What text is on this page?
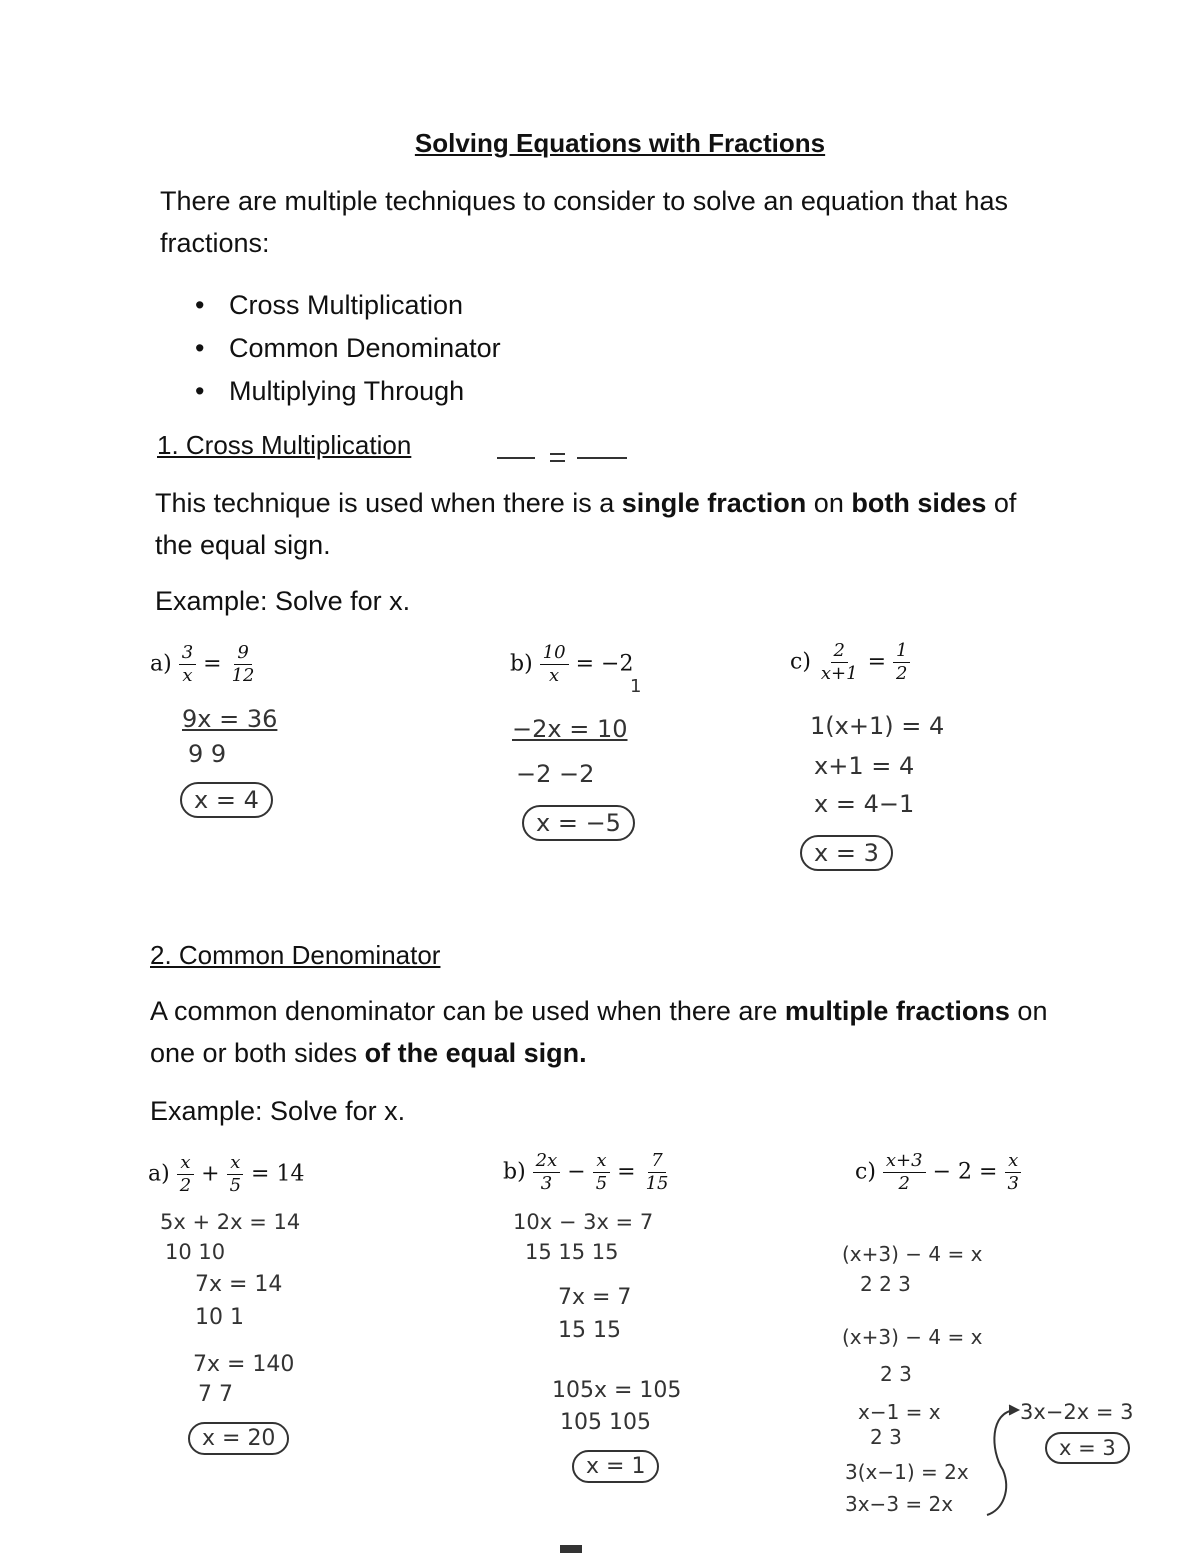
Solving Equations with Fractions
There are multiple techniques to consider to solve an equation that has fractions:
• Cross Multiplication
• Common Denominator
• Multiplying Through
1. Cross Multiplication
This technique is used when there is a single fraction on both sides of the equal sign.
Example: Solve for x.
$a) \frac{3}{x} = \frac{9}{12}$
9x = 36
9 9
x = 4
$b) \frac{10}{x} = -2$
1
−2x = 10
−2 −2
x = −5
$c) \frac{2}{x+1} = \frac{1}{2}$
1(x+1) = 4
x+1 = 4
x = 4−1
x = 3
2. Common Denominator
A common denominator can be used when there are multiple fractions on one or both sides of the equal sign.
Example: Solve for x.
$a) \frac{x}{2} + \frac{x}{5} = 14$
5x + 2x = 14
10 10
7x = 14
10 1
7x = 140
7 7
x = 20
$b) \frac{2x}{3} - \frac{x}{5} = \frac{7}{15}$
10x − 3x = 7
15 15 15
7x = 7
15 15
105x = 105
105 105
x = 1
$c) \frac{x+3}{2} - 2 = \frac{x}{3}$
(x+3) − 4 = x
2 2 3
(x+3) − 4 = x
2 3
x−1 = x
2 3
3(x−1) = 2x
3x−3 = 2x
3x−2x = 3
x = 3
